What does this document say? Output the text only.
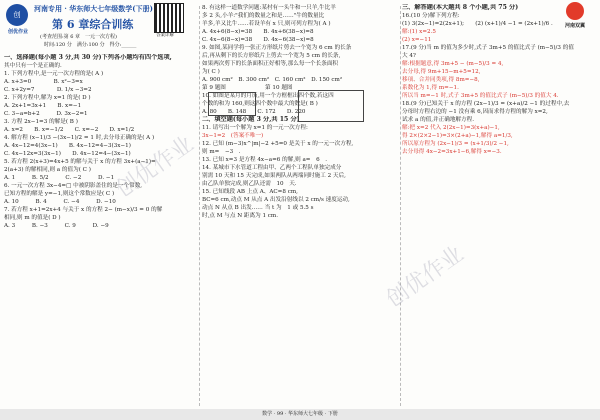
创
创优作业
河南专用 · 华东师大七年级数学(下册)
第 6 章综合训练
(考查范围:第 6 章　一元一次方程)
时间:120 分　满分:100 分　得分:______
答案详解
一、选择题(每小题 3 分,共 30 分)下列各小题均有四个选项,
其中只有一个是正确的.
1. 下列方程中,是一元一次方程的是( A )
A. x+3=0　　　　B. x²−3=x
C. x+2y=7　　　　D. 1/x −3=2
2. 下列方程中,解为 x=1 的是( D )
A. 2x+1=3x+1　　B. x=−1
C. 3−a=b+2　　　D. 3x−2=1
3. 方程 2x−1=3 的解是( B )
A. x=2　　B. x=−1/2　　C. x=−2　　D. x=1/2
4. 解方程 (x−1)/3 −(3x−1)/2 = 1 时,去分母正确的是( A )
A. 4x−12=4(3x−1)　　B. 4x−12=4−3(3x−1)
C. 4x−12x=3(3x−1)　　D. 4x−12=4−(3x−1)
5. 若方程 2(x+3)=4x+5 的解与关于 x 的方程 3x+(a−1)=
2(a+3) 的解相同,则 a 的值为( C )
A. 1　　　B. 5/2　　　C. −2　　　D. −1
6. 一元一次方程 3x−4=□ 中被阴影盖住的是一个常数,
已知方程的解是 y=−1,则这个常数应是( C )
A. 10　　　B. 4　　　C. −4　　　D. −10
7. 若方程 x+1=2x+4 与关于 x 的方程 2− (m−x)/3 = 0 的解
相同,则 m 的值是( D )
A. 3　　　B. −3　　　C. 9　　　D. −9
8. 有这样一道数学问题:某村有一头牛和一只羊,牛比羊
多 2 头,小羊:"我们的数量之和是……"牛的数量比
羊多,羊又比牛……若设羊有 x 只,则可列方程为( A )
A. 4x+6(8−x)=38　　B. 4x+6(38−x)=8
C. 4x−6(8−x)=38　　D. 4x−6(38−x)=8
9. 如图,某同学将一张正方形纸片剪去一个宽为 6 cm 的长条
后,再从剩下的长方形纸片上剪去一个宽为 5 cm 的长条,
如果两次剪下的长条面积正好相等,那么每一个长条面积
为( C )
A. 900 cm²　B. 300 cm²　C. 160 cm²　D. 150 cm²
第 9 题图　　　　　　　第 10 题图
10. 如图是某月的月历,用一个方框框出四个数,若这四
个数的和为 160,则这四个数中最大的数是( B )
A. 80　　B. 148　　C. 172　　D. 220
二、填空题(每小题 3 分,共 15 分)
11. 请写出一个解为 x=1 的一元一次方程:
3x−1=2　(答案不唯一)
12. 已知 (m−3)x^|m|−2 +5=0 是关于 x 的一元一次方程,
则 m=　−3　.
13. 已知 x=3 是方程 4x−a=6 的解,则 a=　6　.
14. 某城市下水管道工程由甲、乙两个工程队单独完成分
别需 10 天和 15 天完成,如果两队从两端同时施工 2 天后,
由乙队单独完成,则乙队还需　10　天.
15. 已知线段 AB 上点 A、AC=8 cm,
BC=6 cm,动点 M 从点 A 出发沿射线以 2 cm/s 速度运动,
动点 N 从点 B 出发…… 当 t 为　1 或 5.5 s
时,点 M 与点 N 距离为 1 cm.
河南双翼
三、解答题(本大题共 8 个小题,共 75 分)
16.(10 分)解下列方程:
(1) 3(2x−1)=2(2x+1);　　(2) (x+1)/4 −1 = (2x+1)/6 .
解:(1) x=2.5
(2) x=−11
17.(9 分)当 m 的值为多少时,式子 3m+5 的值比式子 (m−5)/3 的值
大 4?
解:根据题意,得 3m+5 − (m−5)/3 = 4,
去分母,得 9m+15−m+5=12,
移项、合并同类项,得 8m=−8,
系数化为 1,得 m=−1.
所以当 m=−1 时,式子 3m+5 的值比式子 (m−5)/3 的值大 4.
18.(9 分)已知关于 x 的方程 (2x−1)/3 = (x+a)/2 −1 的过程中,去
分母时方程右边的 −1 没有乘 6,因而求得方程的解为 x=2,
试求 a 的值,并正确地解方程.
解:把 x=2 代入 2(2x−1)=3(x+a)−1,
得 2×(2×2−1)=3×(2+a)−1,解得 a=1/3,
所以原方程为 (2x−1)/3 = (x+1/3)/2 −1,
去分母得 4x−2=3x+1−6,解得 x=−3.
创优作业
创优作业
数学 · 99 · 华东师大七年级 · 下册
